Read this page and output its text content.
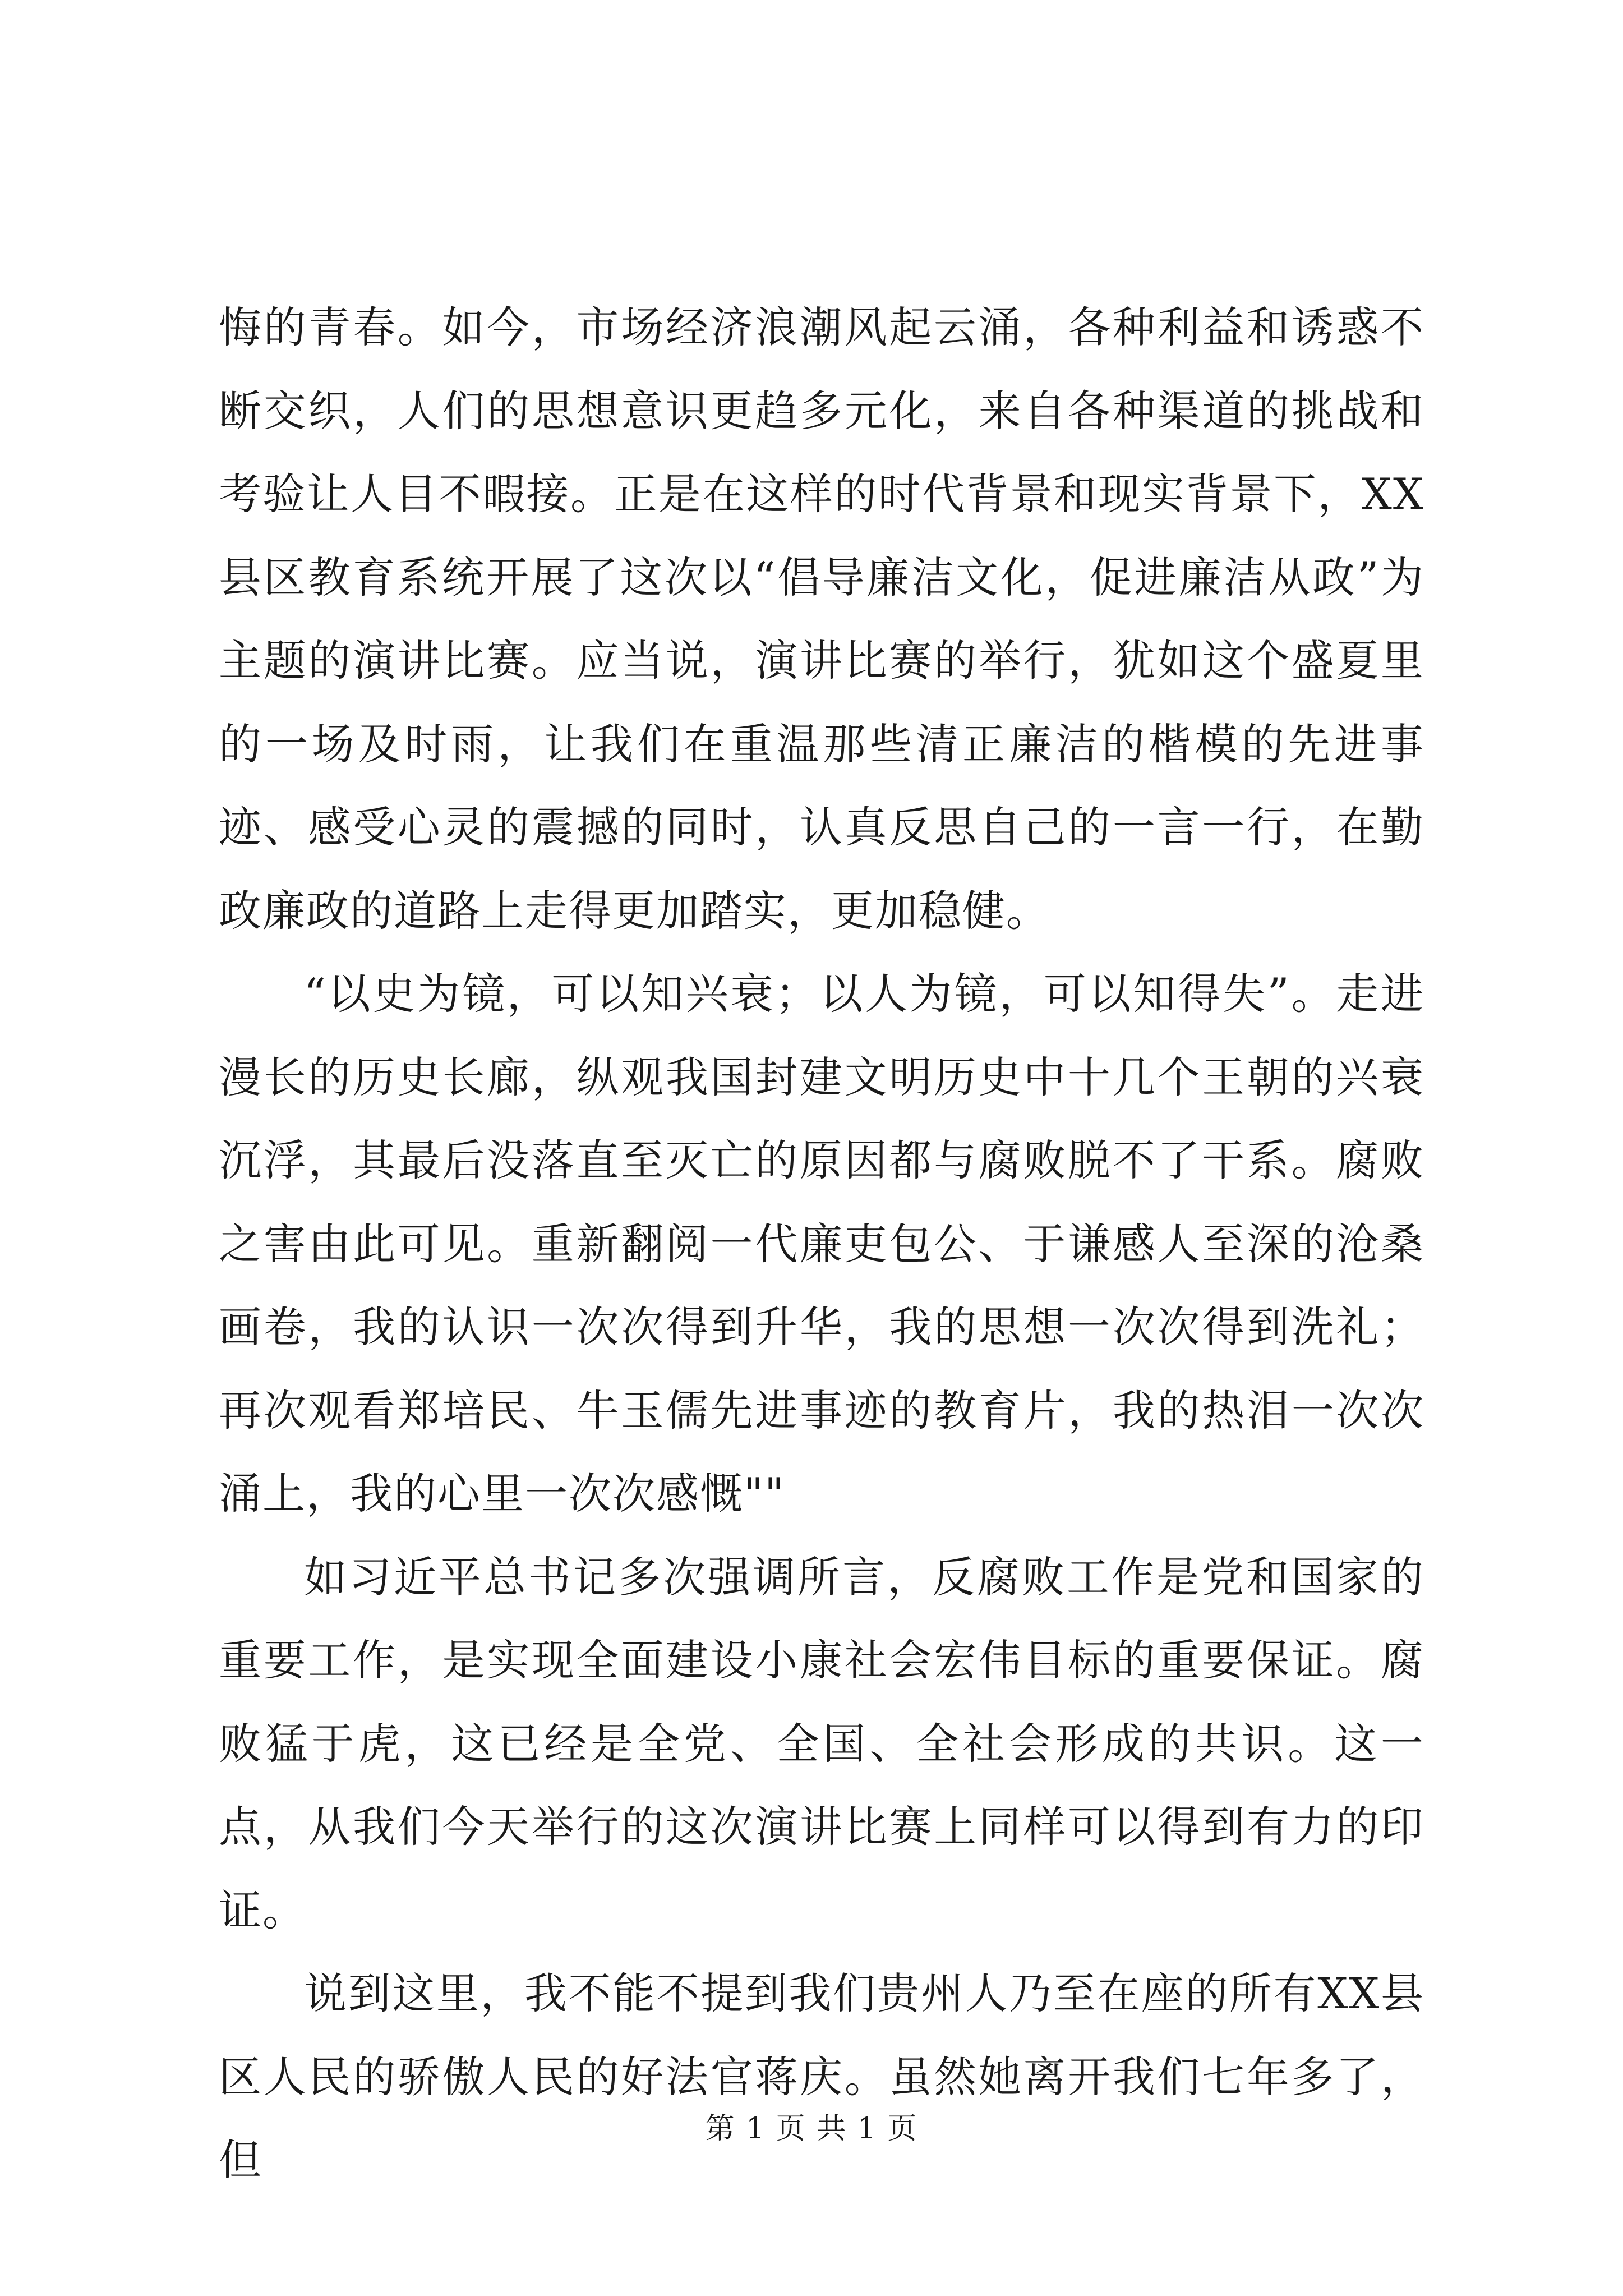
悔的青春。如今，市场经济浪潮风起云涌，各种利益和诱惑不断交织，人们的思想意识更趋多元化，来自各种渠道的挑战和考验让人目不暇接。正是在这样的时代背景和现实背景下，XX县区教育系统开展了这次以“倡导廉洁文化，促进廉洁从政”为主题的演讲比赛。应当说，演讲比赛的举行，犹如这个盛夏里的一场及时雨，让我们在重温那些清正廉洁的楷模的先进事迹、感受心灵的震撼的同时，认真反思自己的一言一行，在勤政廉政的道路上走得更加踏实，更加稳健。

“以史为镜，可以知兴衰；以人为镜，可以知得失”。走进漫长的历史长廊，纵观我国封建文明历史中十几个王朝的兴衰沉浮，其最后没落直至灭亡的原因都与腐败脱不了干系。腐败之害由此可见。重新翻阅一代廉吏包公、于谦感人至深的沧桑画卷，我的认识一次次得到升华，我的思想一次次得到洗礼；再次观看郑培民、牛玉儒先进事迹的教育片，我的热泪一次次涌上，我的心里一次次感慨""

如习近平总书记多次强调所言，反腐败工作是党和国家的重要工作，是实现全面建设小康社会宏伟目标的重要保证。腐败猛于虎，这已经是全党、全国、全社会形成的共识。这一点，从我们今天举行的这次演讲比赛上同样可以得到有力的印证。

说到这里，我不能不提到我们贵州人乃至在座的所有XX县区人民的骄傲人民的好法官蒋庆。虽然她离开我们七年多了，但

第 1 页 共 1 页
